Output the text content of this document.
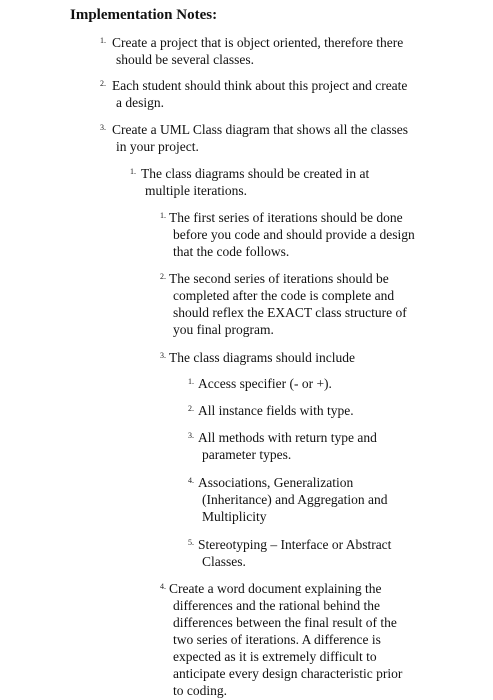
Implementation Notes:
1. Create a project that is object oriented, therefore there
should be several classes.
2. Each student should think about this project and create
a design.
3. Create a UML Class diagram that shows all the classes
in your project.
1. The class diagrams should be created in at
multiple iterations.
1. The first series of iterations should be done
before you code and should provide a design
that the code follows.
2. The second series of iterations should be
completed after the code is complete and
should reflex the EXACT class structure of
you final program.
3. The class diagrams should include
1. Access specifier (- or +).
2. All instance fields with type.
3. All methods with return type and
parameter types.
4. Associations, Generalization
(Inheritance) and Aggregation and
Multiplicity
5. Stereotyping – Interface or Abstract
Classes.
4. Create a word document explaining the
differences and the rational behind the
differences between the final result of the
two series of iterations. A difference is
expected as it is extremely difficult to
anticipate every design characteristic prior
to coding.
